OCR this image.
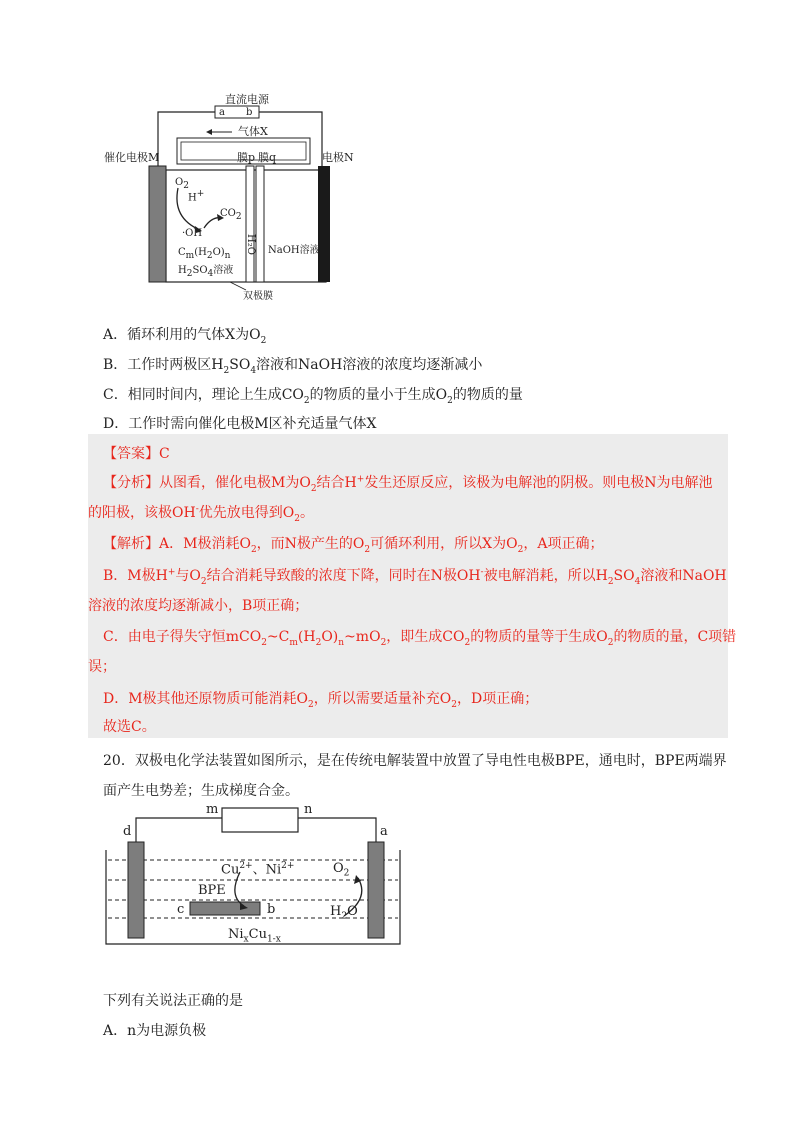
直流电源
a b
气体X
催化电极M	膜p 膜q	电极N
$O_2$
H+
$CO_2$
·OH
$C_m(H_2O)_n$
$H_2SO_4$溶液
H₂O NaOH溶液
双极膜
A．循环利用的气体X为$O_2$
B．工作时两极区$H_2SO_4$溶液和NaOH溶液的浓度均逐渐减小
C．相同时间内，理论上生成$CO_2$的物质的量小于生成$O_2$的物质的量
D．工作时需向催化电极M区补充适量气体X
【答案】C
【分析】从图看，催化电极M为$O_2$结合H+发生还原反应，该极为电解池的阴极。则电极N为电解池
的阳极，该极OH-优先放电得到$O_2$。
【解析】A．M极消耗$O_2$，而N极产生的$O_2$可循环利用，所以X为$O_2$，A项正确；
B．M极H+与$O_2$结合消耗导致酸的浓度下降，同时在N极OH-被电解消耗，所以$H_2SO_4$溶液和NaOH
溶液的浓度均逐渐减小，B项正确；
C．由电子得失守恒$mCO_2\sim C_m(H_2O)_n\sim mO_2$，即生成$CO_2$的物质的量等于生成$O_2$的物质的量，C项错
误；
D．M极其他还原物质可能消耗$O_2$，所以需要适量补充$O_2$，D项正确；
故选C。
20．双极电化学法装置如图所示，是在传统电解装置中放置了导电性电极BPE，通电时，BPE两端界
面产生电势差；生成梯度合金。
m	n
d	a
$Cu^{2+}$、$Ni^{2+}$	$O_2$
BPE
c	b	$H_2O$
$Ni_xCu_{1-x}$
下列有关说法正确的是
A．n为电源负极
